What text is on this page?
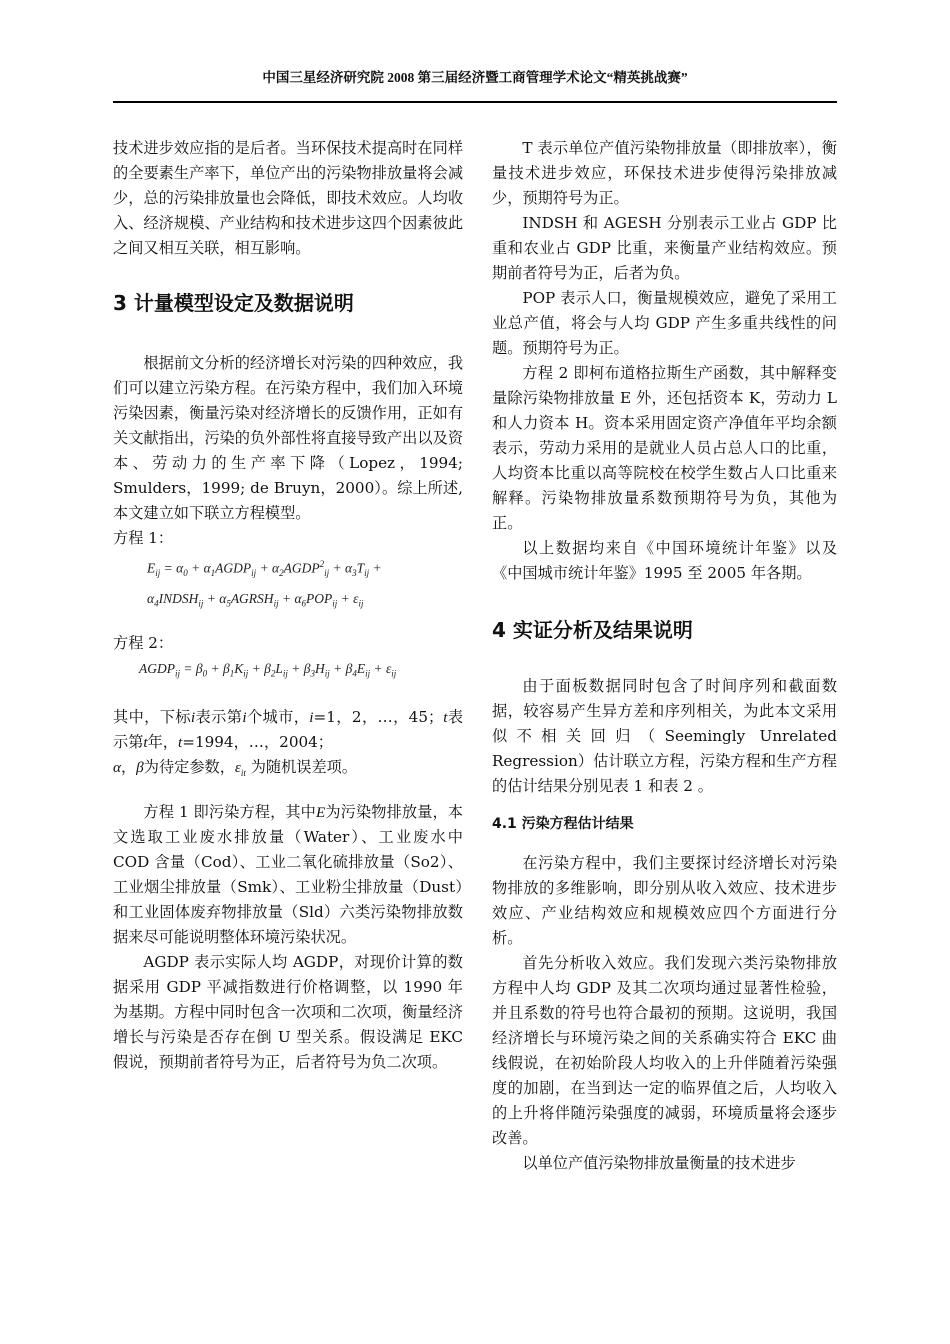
中国三星经济研究院 2008 第三届经济暨工商管理学术论文“精英挑战赛”

技术进步效应指的是后者。当环保技术提高时在同样的全要素生产率下，单位产出的污染物排放量将会减少，总的污染排放量也会降低，即技术效应。人均收入、经济规模、产业结构和技术进步这四个因素彼此之间又相互关联，相互影响。

3 计量模型设定及数据说明

根据前文分析的经济增长对污染的四种效应，我们可以建立污染方程。在污染方程中，我们加入环境污染因素，衡量污染对经济增长的反馈作用，正如有关文献指出，污染的负外部性将直接导致产出以及资本、劳动力的生产率下降（Lopez，1994; Smulders，1999; de Bruyn，2000）。综上所述,本文建立如下联立方程模型。

方程 1：

$E_{ij} = \alpha_0$ + $\alpha_1AGDP_{ij}$ + $\alpha_2AGDP^2_{ij} + \alpha_3T_{ij}$ +
$\alpha_4INDSH_{ij}$ + $\alpha_5AGRSH_{ij} + \alpha_6POP_{ij} + \varepsilon_{ij}$

方程 2：

$AGDP_{ij} = \beta_0 + \beta_1K_{ij} + \beta_2L_{ij} + \beta_3H_{ij} + \beta_4E_{ij} + \varepsilon_{ij}$

其中，下标i表示第i个城市，i=1，2，…，45；t表示第t年，t=1994，…，2004；
α，β为待定参数，$\varepsilon_{it}$ 为随机误差项。

方程 1 即污染方程，其中E为污染物排放量，本文选取工业废水排放量（Water）、工业废水中 COD 含量（Cod）、工业二氧化硫排放量（So2）、工业烟尘排放量（Smk）、工业粉尘排放量（Dust）和工业固体废弃物排放量（Sld）六类污染物排放数据来尽可能说明整体环境污染状况。

AGDP 表示实际人均 AGDP，对现价计算的数据采用 GDP 平减指数进行价格调整，以 1990 年为基期。方程中同时包含一次项和二次项，衡量经济增长与污染是否存在倒 U 型关系。假设满足 EKC 假说，预期前者符号为正，后者符号为负二次项。

T 表示单位产值污染物排放量（即排放率），衡量技术进步效应，环保技术进步使得污染排放减少，预期符号为正。

INDSH 和 AGESH 分别表示工业占 GDP 比重和农业占 GDP 比重，来衡量产业结构效应。预期前者符号为正，后者为负。

POP 表示人口，衡量规模效应，避免了采用工业总产值，将会与人均 GDP 产生多重共线性的问题。预期符号为正。

方程 2 即柯布道格拉斯生产函数，其中解释变量除污染物排放量 E 外，还包括资本 K，劳动力 L 和人力资本 H。资本采用固定资产净值年平均余额表示，劳动力采用的是就业人员占总人口的比重，人均资本比重以高等院校在校学生数占人口比重来解释。污染物排放量系数预期符号为负，其他为正。

以上数据均来自《中国环境统计年鉴》以及《中国城市统计年鉴》1995 至 2005 年各期。

4 实证分析及结果说明

由于面板数据同时包含了时间序列和截面数据，较容易产生异方差和序列相关，为此本文采用似不相关回归（Seemingly Unrelated Regression）估计联立方程，污染方程和生产方程的估计结果分别见表 1 和表 2 。

4.1 污染方程估计结果

在污染方程中，我们主要探讨经济增长对污染物排放的多维影响，即分别从收入效应、技术进步效应、产业结构效应和规模效应四个方面进行分析。

首先分析收入效应。我们发现六类污染物排放方程中人均 GDP 及其二次项均通过显著性检验，并且系数的符号也符合最初的预期。这说明，我国经济增长与环境污染之间的关系确实符合 EKC 曲线假说，在初始阶段人均收入的上升伴随着污染强度的加剧，在当到达一定的临界值之后，人均收入的上升将伴随污染强度的减弱，环境质量将会逐步改善。

以单位产值污染物排放量衡量的技术进步
